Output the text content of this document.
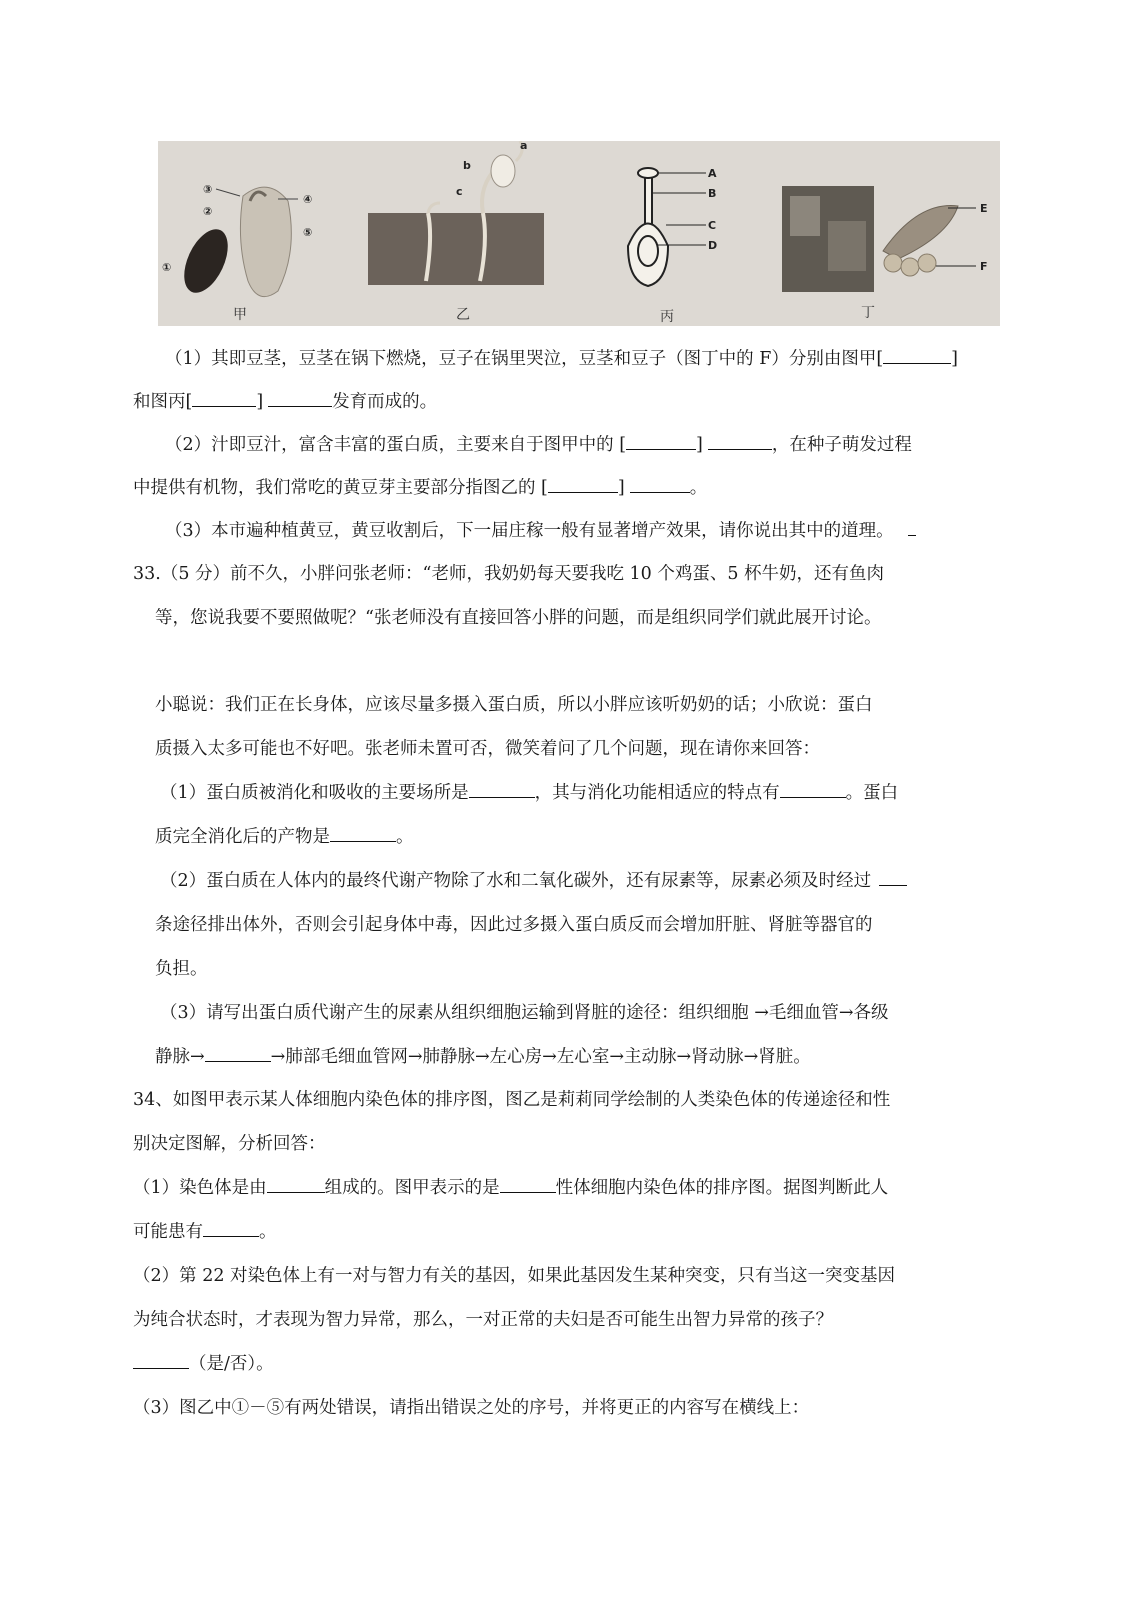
③
②
①
④
⑤
甲
a
b
c
乙
A
B
C
D
丙
E
F
丁
（1）其即豆茎，豆茎在锅下燃烧，豆子在锅里哭泣，豆茎和豆子（图丁中的 F）分别由图甲[	]
和图丙[	]	发育而成的。
（2）汁即豆汁，富含丰富的蛋白质，主要来自于图甲中的 [	]	，在种子萌发过程
中提供有机物，我们常吃的黄豆芽主要部分指图乙的 [	]	。
（3）本市遍种植黄豆，黄豆收割后，下一届庄稼一般有显著增产效果，请你说出其中的道理。
33.（5 分）前不久，小胖问张老师：“老师，我奶奶每天要我吃 10 个鸡蛋、5 杯牛奶，还有鱼肉
等，您说我要不要照做呢？“张老师没有直接回答小胖的问题，而是组织同学们就此展开讨论。
小聪说：我们正在长身体，应该尽量多摄入蛋白质，所以小胖应该听奶奶的话；小欣说：蛋白
质摄入太多可能也不好吧。张老师未置可否，微笑着问了几个问题，现在请你来回答：
（1）蛋白质被消化和吸收的主要场所是	，其与消化功能相适应的特点有	。蛋白
质完全消化后的产物是	。
（2）蛋白质在人体内的最终代谢产物除了水和二氧化碳外，还有尿素等，尿素必须及时经过
条途径排出体外，否则会引起身体中毒，因此过多摄入蛋白质反而会增加肝脏、肾脏等器官的
负担。
（3）请写出蛋白质代谢产生的尿素从组织细胞运输到肾脏的途径：组织细胞 →毛细血管→各级
静脉→	→肺部毛细血管网→肺静脉→左心房→左心室→主动脉→肾动脉→肾脏。
34、如图甲表示某人体细胞内染色体的排序图，图乙是莉莉同学绘制的人类染色体的传递途径和性
别决定图解，分析回答：
（1）染色体是由	组成的。图甲表示的是	性体细胞内染色体的排序图。据图判断此人
可能患有	。
（2）第 22 对染色体上有一对与智力有关的基因，如果此基因发生某种突变，只有当这一突变基因
为纯合状态时，才表现为智力异常，那么，一对正常的夫妇是否可能生出智力异常的孩子？
（是/否）。
（3）图乙中①－⑤有两处错误，请指出错误之处的序号，并将更正的内容写在横线上：
